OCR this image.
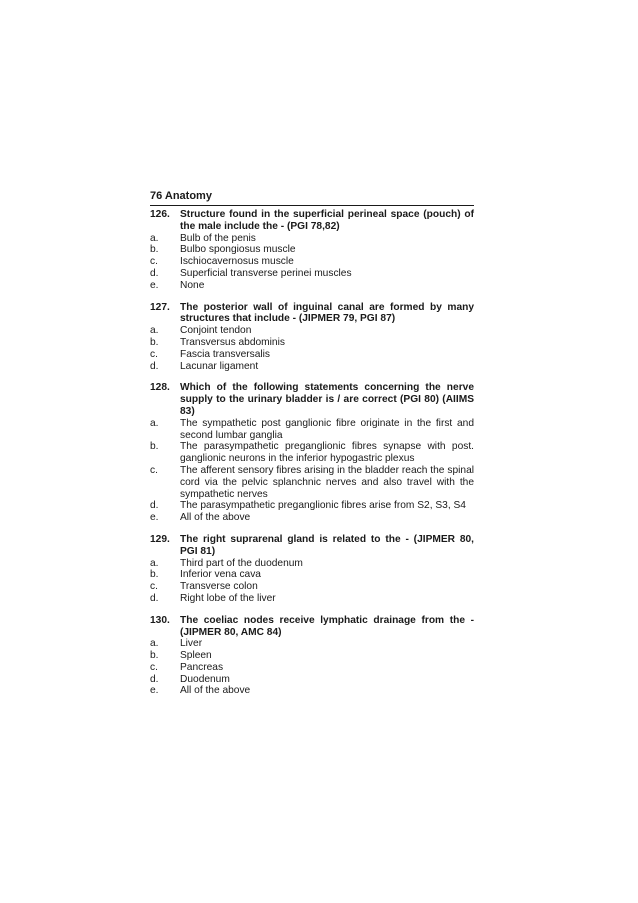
76 Anatomy
126. Structure found in the superficial perineal space (pouch) of the male include the - (PGI 78,82)
a.	Bulb of the penis
b.	Bulbo spongiosus muscle
c.	Ischiocavernosus muscle
d.	Superficial transverse perinei muscles
e.	None
127. The posterior wall of inguinal canal are formed by many structures that include - (JIPMER 79, PGI 87)
a.	Conjoint tendon
b.	Transversus abdominis
c.	Fascia transversalis
d.	Lacunar ligament
128. Which of the following statements concerning the nerve supply to the urinary bladder is / are correct (PGI 80) (AIIMS 83)
a.	The sympathetic post ganglionic fibre originate in the first and second lumbar ganglia
b.	The parasympathetic preganglionic fibres synapse with post. ganglionic neurons in the inferior hypogastric plexus
c.	The afferent sensory fibres arising in the bladder reach the spinal cord via the pelvic splanchnic nerves and also travel with the sympathetic nerves
d.	The parasympathetic preganglionic fibres arise from S2, S3, S4
e.	All of the above
129. The right suprarenal gland is related to the - (JIPMER 80, PGI 81)
a.	Third part of the duodenum
b.	Inferior vena cava
c.	Transverse colon
d.	Right lobe of the liver
130. The coeliac nodes receive lymphatic drainage from the - (JIPMER 80, AMC 84)
a.	Liver
b.	Spleen
c.	Pancreas
d.	Duodenum
e.	All of the above
